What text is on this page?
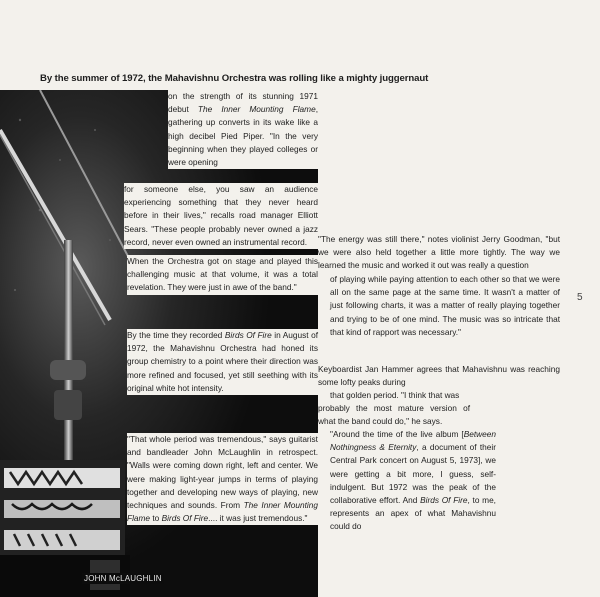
By the summer of 1972, the Mahavishnu Orchestra was rolling like a mighty juggernaut
JOHN McLAUGHLIN

on the strength of its stunning 1971 debut The Inner Mounting Flame, gathering up converts in its wake like a high decibel Pied Piper. "In the very beginning when they played colleges or were opening

for someone else, you saw an audience experiencing something that they never heard before in their lives," recalls road manager Elliott Sears. "These people probably never owned a jazz record, never even owned an instrumental record.

When the Orchestra got on stage and played this challenging music at that volume, it was a total revelation. They were just in awe of the band."

By the time they recorded Birds Of Fire in August of 1972, the Mahavishnu Orchestra had honed its group chemistry to a point where their direction was more refined and focused, yet still seething with its original white hot intensity.

"That whole period was tremendous," says guitarist and bandleader John McLaughlin in retrospect. "Walls were coming down right, left and center. We were making light-year jumps in terms of playing together and developing new ways of playing, new techniques and sounds. From The Inner Mounting Flame to Birds Of Fire.... it was just tremendous."

"The energy was still there," notes violinist Jerry Goodman, "but we were also held together a little more tightly. The way we learned the music and worked it out was really a question

of playing while paying attention to each other so that we were all on the same page at the same time. It wasn't a matter of just following charts, it was a matter of really playing together and trying to be of one mind. The music was so intricate that that kind of rapport was necessary."

Keyboardist Jan Hammer agrees that Mahavishnu was reaching some lofty peaks during

that golden period. "I think that was

probably the most mature version of what the band could do," he says.

"Around the time of the live album [Between Nothingness & Eternity, a document of their Central Park concert on August 5, 1973], we were getting a bit more, I guess, self-indulgent. But 1972 was the peak of the collaborative effort. And Birds Of Fire, to me, represents an apex of what Mahavishnu could do

5
